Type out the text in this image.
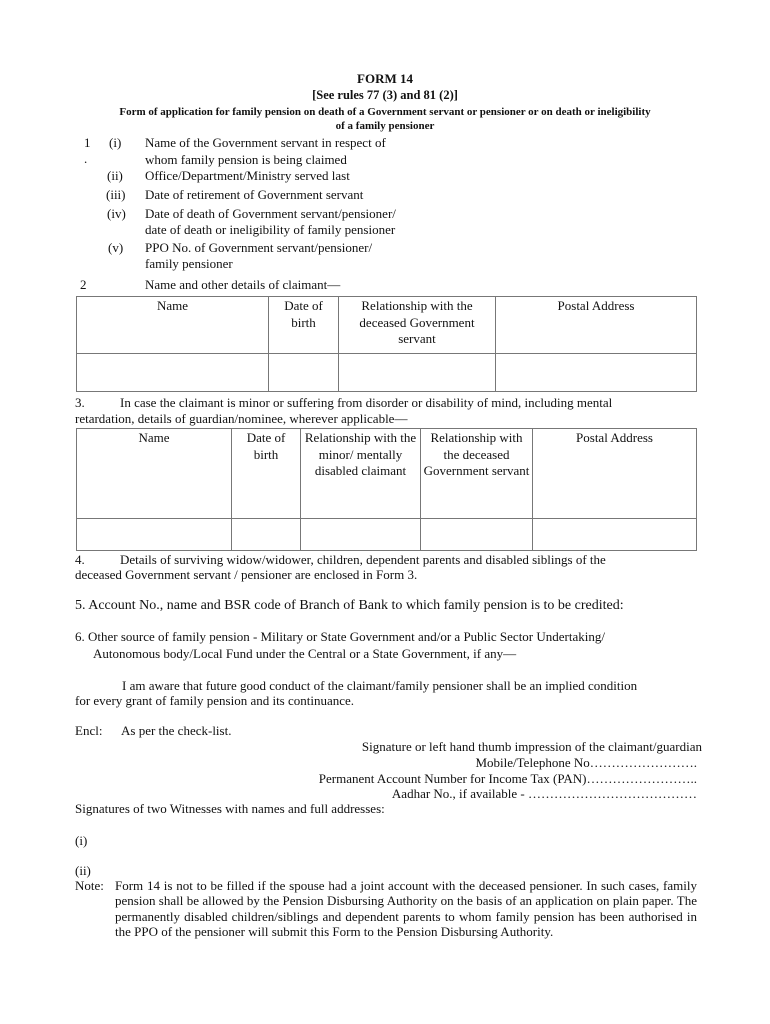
FORM 14
[See rules 77 (3) and 81 (2)]
Form of application for family pension on death of a Government servant or pensioner or on death or ineligibility
of a family pensioner
1
.
(i) Name of the Government servant in respect of
whom family pension is being claimed
(ii) Office/Department/Ministry served last
(iii) Date of retirement of Government servant
(iv) Date of death of Government servant/pensioner/
date of death or ineligibility of family pensioner
(v) PPO No. of Government servant/pensioner/
family pensioner
2	Name and other details of claimant—
Name	Date of birth	Relationship with the deceased Government servant	Postal Address

3.	In case the claimant is minor or suffering from disorder or disability of mind, including mental
retardation, details of guardian/nominee, wherever applicable—
Name	Date of birth	Relationship with the minor/ mentally disabled claimant	Relationship with the deceased Government servant	Postal Address

4.	Details of surviving widow/widower, children, dependent parents and disabled siblings of the
deceased Government servant / pensioner are enclosed in Form 3.
5. Account No., name and BSR code of Branch of Bank to which family pension is to be credited:
6. Other source of family pension - Military or State Government and/or a Public Sector Undertaking/
Autonomous body/Local Fund under the Central or a State Government, if any—
I am aware that future good conduct of the claimant/family pensioner shall be an implied condition
for every grant of family pension and its continuance.
Encl: As per the check-list.
Signature or left hand thumb impression of the claimant/guardian
Mobile/Telephone No…………………….
Permanent Account Number for Income Tax (PAN)……………………..
Aadhar No., if available - …………………………………
Signatures of two Witnesses with names and full addresses:
(i)
(ii)
Note: Form 14 is not to be filled if the spouse had a joint account with the deceased pensioner. In such cases, family pension shall be allowed by the Pension Disbursing Authority on the basis of an application on plain paper. The permanently disabled children/siblings and dependent parents to whom family pension has been authorised in the PPO of the pensioner will submit this Form to the Pension Disbursing Authority.
